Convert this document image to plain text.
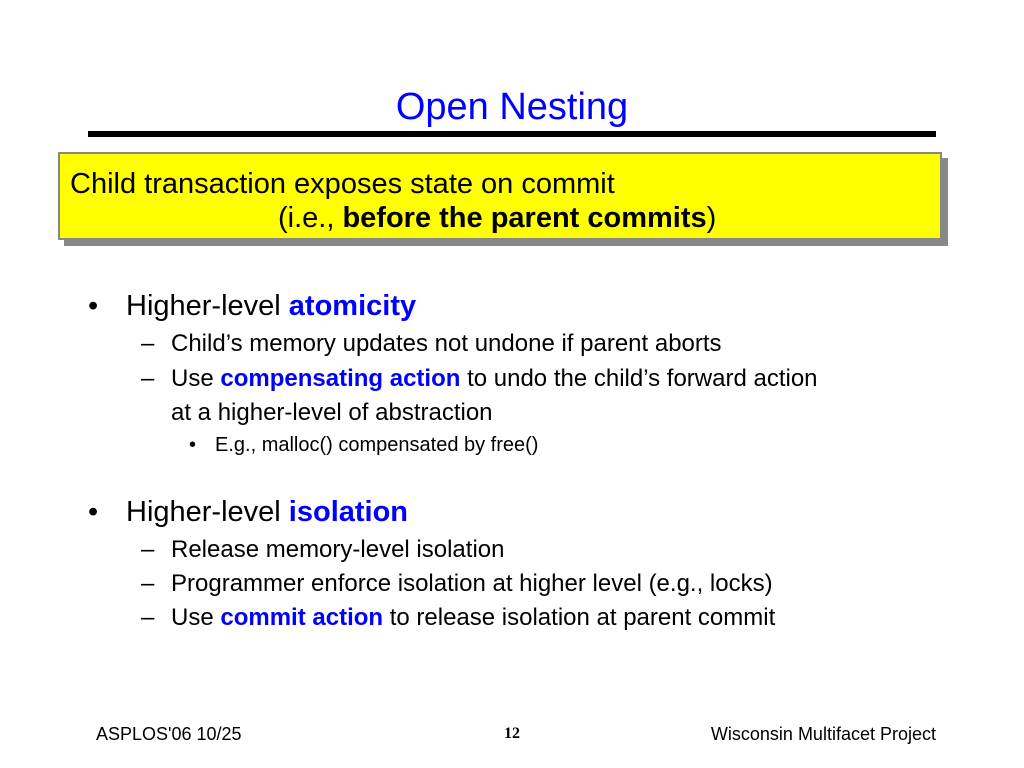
Open Nesting
Child transaction exposes state on commit
(i.e., before the parent commits)
• Higher-level atomicity
– Child’s memory updates not undone if parent aborts
– Use compensating action to undo the child’s forward action
at a higher-level of abstraction
• E.g., malloc() compensated by free()
• Higher-level isolation
– Release memory-level isolation
– Programmer enforce isolation at higher level (e.g., locks)
– Use commit action to release isolation at parent commit
ASPLOS'06 10/25	12	Wisconsin Multifacet Project
